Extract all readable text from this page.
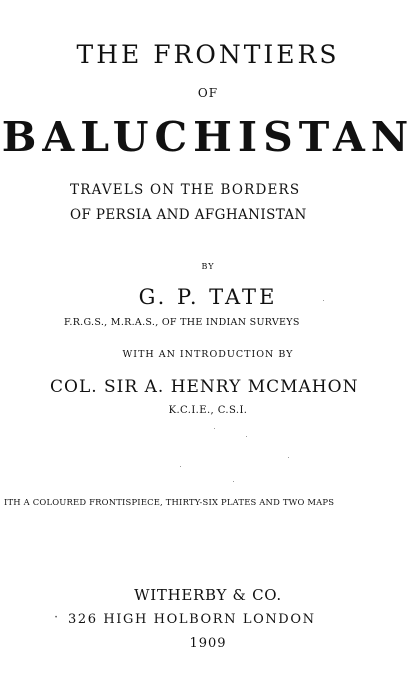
THE FRONTIERS
OF
BALUCHISTAN
TRAVELS ON THE BORDERS
OF PERSIA AND AFGHANISTAN
BY
G. P. TATE
F.R.G.S., M.R.A.S., OF THE INDIAN SURVEYS
WITH AN INTRODUCTION BY
COL. SIR A. HENRY MCMAHON
K.C.I.E., C.S.I.
ITH A COLOURED FRONTISPIECE, THIRTY-SIX PLATES AND TWO MAPS
WITHERBY & CO.
· 326 HIGH HOLBORN LONDON
1909
